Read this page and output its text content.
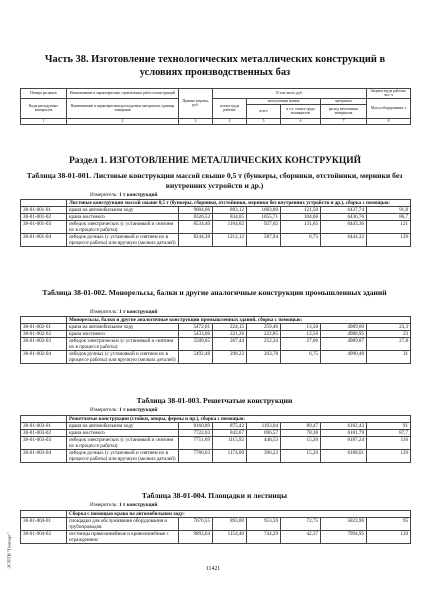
Часть 38. Изготовление технологических металлических конструкций в условиях производственных баз
Номера расценок	Наименование и характеристика строительных работ и конструкций	Прямые затраты, руб.	В том числе, руб.				Затраты труда рабочих, чел.-ч
Коды расходуемых материалов	Наименование и характеристика расходуемых материалов, единица измерения		оплата труда рабочих	эксплуатация машин		материалы	Масса оборудования, т
				всего	в т.ч. оплата труда машинистов	расход неучтенных материалов	
1	2	3	4	5	6	7	8
Раздел 1. ИЗГОТОВЛЕНИЕ МЕТАЛЛИЧЕСКИХ КОНСТРУКЦИЙ
Таблица 38-01-001. Листовые конструкции массой свыше 0,5 т (бункеры, сборники, отстойники, мерники без внутренних устройств и др.)
Измеритель: 1 т конструкций
	Листовые конструкции массой свыше 0,5 т (бункеры, сборники, отстойники, мерники без внутренних устройств и др.), сборка с помощью:						
38-01-001-01	крана на автомобильном ходу	9004,66	883,12	1683,80	121,50	6437,74	91,8
38-01-001-02	крана мостового	8326,52	834,05	1055,71	104,66	6436,76	86,7
38-01-001-03	лебедок электрических (с установкой и снятием их в процессе работы)	8534,40	1164,02	927,02	131,65	6443,36	121
38-01-001-04	лебедок ручных (с установкой и снятием их в процессе работы) или вручную (мелких деталей)	8244,38	1212,12	587,94	6,75	6444,32	126
Таблица 38-01-002. Монорельсы, балки и другие аналогичные конструкции промышленных зданий
Измеритель: 1 т конструкций
	Монорельсы, балки и другие аналогичные конструкции промышленных зданий, сборка с помощью:						
38-01-002-01	крана на автомобильном ходу	5472,61	224,15	259,46	13,50	4989,00	23,3
38-01-002-02	крана мостового	5433,06	221,26	222,85	12,56	4988,95	23
38-01-002-03	лебедок электрических (с установкой и снятием их в процессе работы)	5509,65	267,44	252,34	27,06	4989,87	27,8
38-01-002-04	лебедок ручных (с установкой и снятием их в процессе работы) или вручную (мелких деталей)	5492,48	298,22	203,78	6,75	4990,48	31
Таблица 38-01-003. Решетчатые конструкции
Измеритель: 1 т конструкций
	Решетчатые конструкции (стойки, опоры, фермы и пр.), сборка с помощью:						
38-01-003-01	крана на автомобильном ходу	8160,89	875,42	1103,04	89,47	6182,43	91
38-01-003-02	крана мостового	7722,03	843,67	696,57	78,38	6181,79	87,7
38-01-003-03	лебедок электрических (с установкой и снятием их в процессе работы)	7751,69	1115,92	448,53	15,20	6187,24	116
38-01-003-04	лебедок ручных (с установкой и снятием их в процессе работы) или вручную (мелких деталей)	7786,63	1174,00	396,22	15,20	6188,01	120
Таблица 38-01-004. Площадки и лестницы
Измеритель: 1 т конструкций
	Сборка с помощью крана на автомобильном ходу:						
38-01-004-01	площадки для обслуживания оборудования и трубопроводов	7670,55	893,00	953,59	72,75	5823,96	95
38-01-004-02	лестницы прямолинейные и криволинейные с ограждением	9893,64	1154,40	744,29	42,37	7994,95	120
11421
ЭСПТИ "Гомпарт"
